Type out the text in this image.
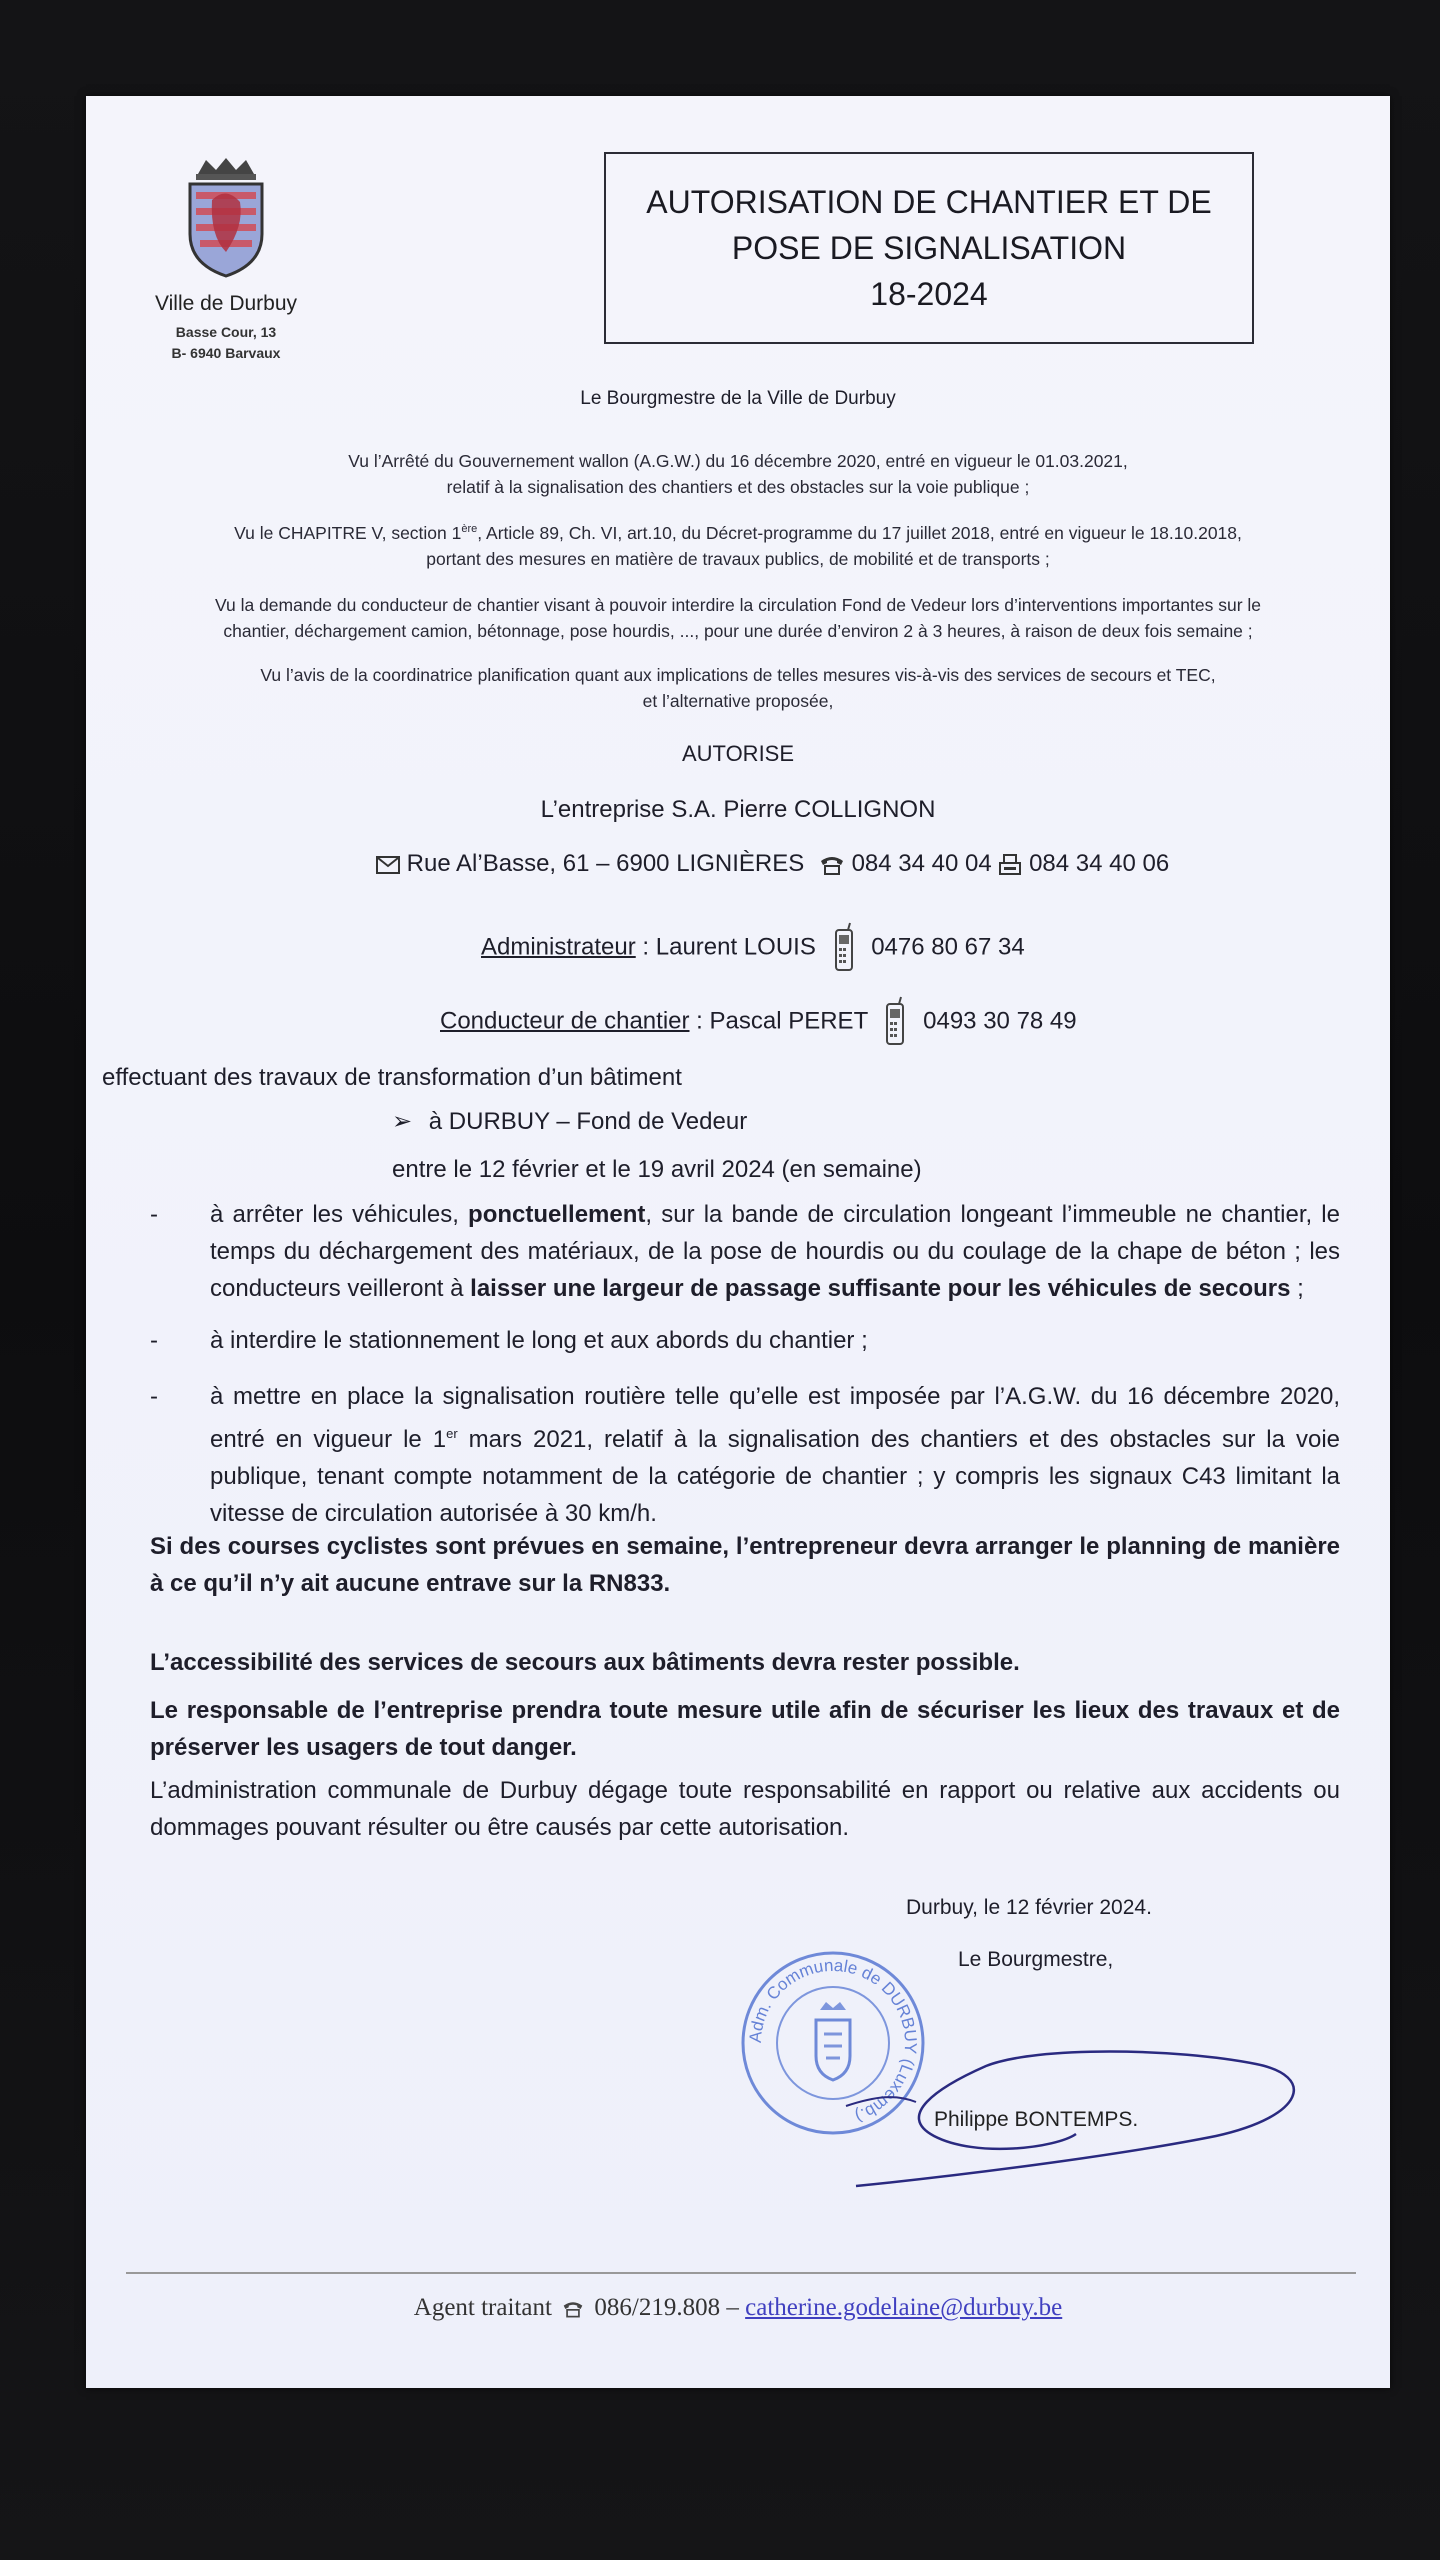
Ville de Durbuy
Basse Cour, 13
B- 6940 Barvaux
AUTORISATION DE CHANTIER ET DE
POSE DE SIGNALISATION
18-2024
Le Bourgmestre de la Ville de Durbuy
Vu l’Arrêté du Gouvernement wallon (A.G.W.) du 16 décembre 2020, entré en vigueur le 01.03.2021,
relatif à la signalisation des chantiers et des obstacles sur la voie publique ;
Vu le CHAPITRE V, section 1ère, Article 89, Ch. VI, art.10, du Décret-programme du 17 juillet 2018, entré en vigueur le 18.10.2018,
portant des mesures en matière de travaux publics, de mobilité et de transports ;
Vu la demande du conducteur de chantier visant à pouvoir interdire la circulation Fond de Vedeur lors d’interventions importantes sur le
chantier, déchargement camion, bétonnage, pose hourdis, ..., pour une durée d’environ 2 à 3 heures, à raison de deux fois semaine ;
Vu l’avis de la coordinatrice planification quant aux implications de telles mesures vis-à-vis des services de secours et TEC,
et l’alternative proposée,
AUTORISE
L’entreprise S.A. Pierre COLLIGNON
Rue Al’Basse, 61 – 6900 LIGNIÈRES 084 34 40 04 084 34 40 06
Administrateur : Laurent LOUIS 0476 80 67 34
Conducteur de chantier : Pascal PERET 0493 30 78 49
effectuant des travaux de transformation d’un bâtiment
➢ à DURBUY – Fond de Vedeur
entre le 12 février et le 19 avril 2024 (en semaine)
-	à arrêter les véhicules, ponctuellement, sur la bande de circulation longeant l’immeuble ne chantier, le temps du déchargement des matériaux, de la pose de hourdis ou du coulage de la chape de béton ; les conducteurs veilleront à laisser une largeur de passage suffisante pour les véhicules de secours ;
-	à interdire le stationnement le long et aux abords du chantier ;
-	à mettre en place la signalisation routière telle qu’elle est imposée par l’A.G.W. du 16 décembre 2020, entré en vigueur le 1er mars 2021, relatif à la signalisation des chantiers et des obstacles sur la voie publique, tenant compte notamment de la catégorie de chantier ; y compris les signaux C43 limitant la vitesse de circulation autorisée à 30 km/h.
Si des courses cyclistes sont prévues en semaine, l’entrepreneur devra arranger le planning de manière à ce qu’il n’y ait aucune entrave sur la RN833.
L’accessibilité des services de secours aux bâtiments devra rester possible.
Le responsable de l’entreprise prendra toute mesure utile afin de sécuriser les lieux des travaux et de préserver les usagers de tout danger.
L’administration communale de Durbuy dégage toute responsabilité en rapport ou relative aux accidents ou dommages pouvant résulter ou être causés par cette autorisation.
Durbuy, le 12 février 2024.
Le Bourgmestre,
Adm. Communale de DURBUY (Luxemb.)	Philippe BONTEMPS.
Agent traitant 086/219.808 – catherine.godelaine@durbuy.be
